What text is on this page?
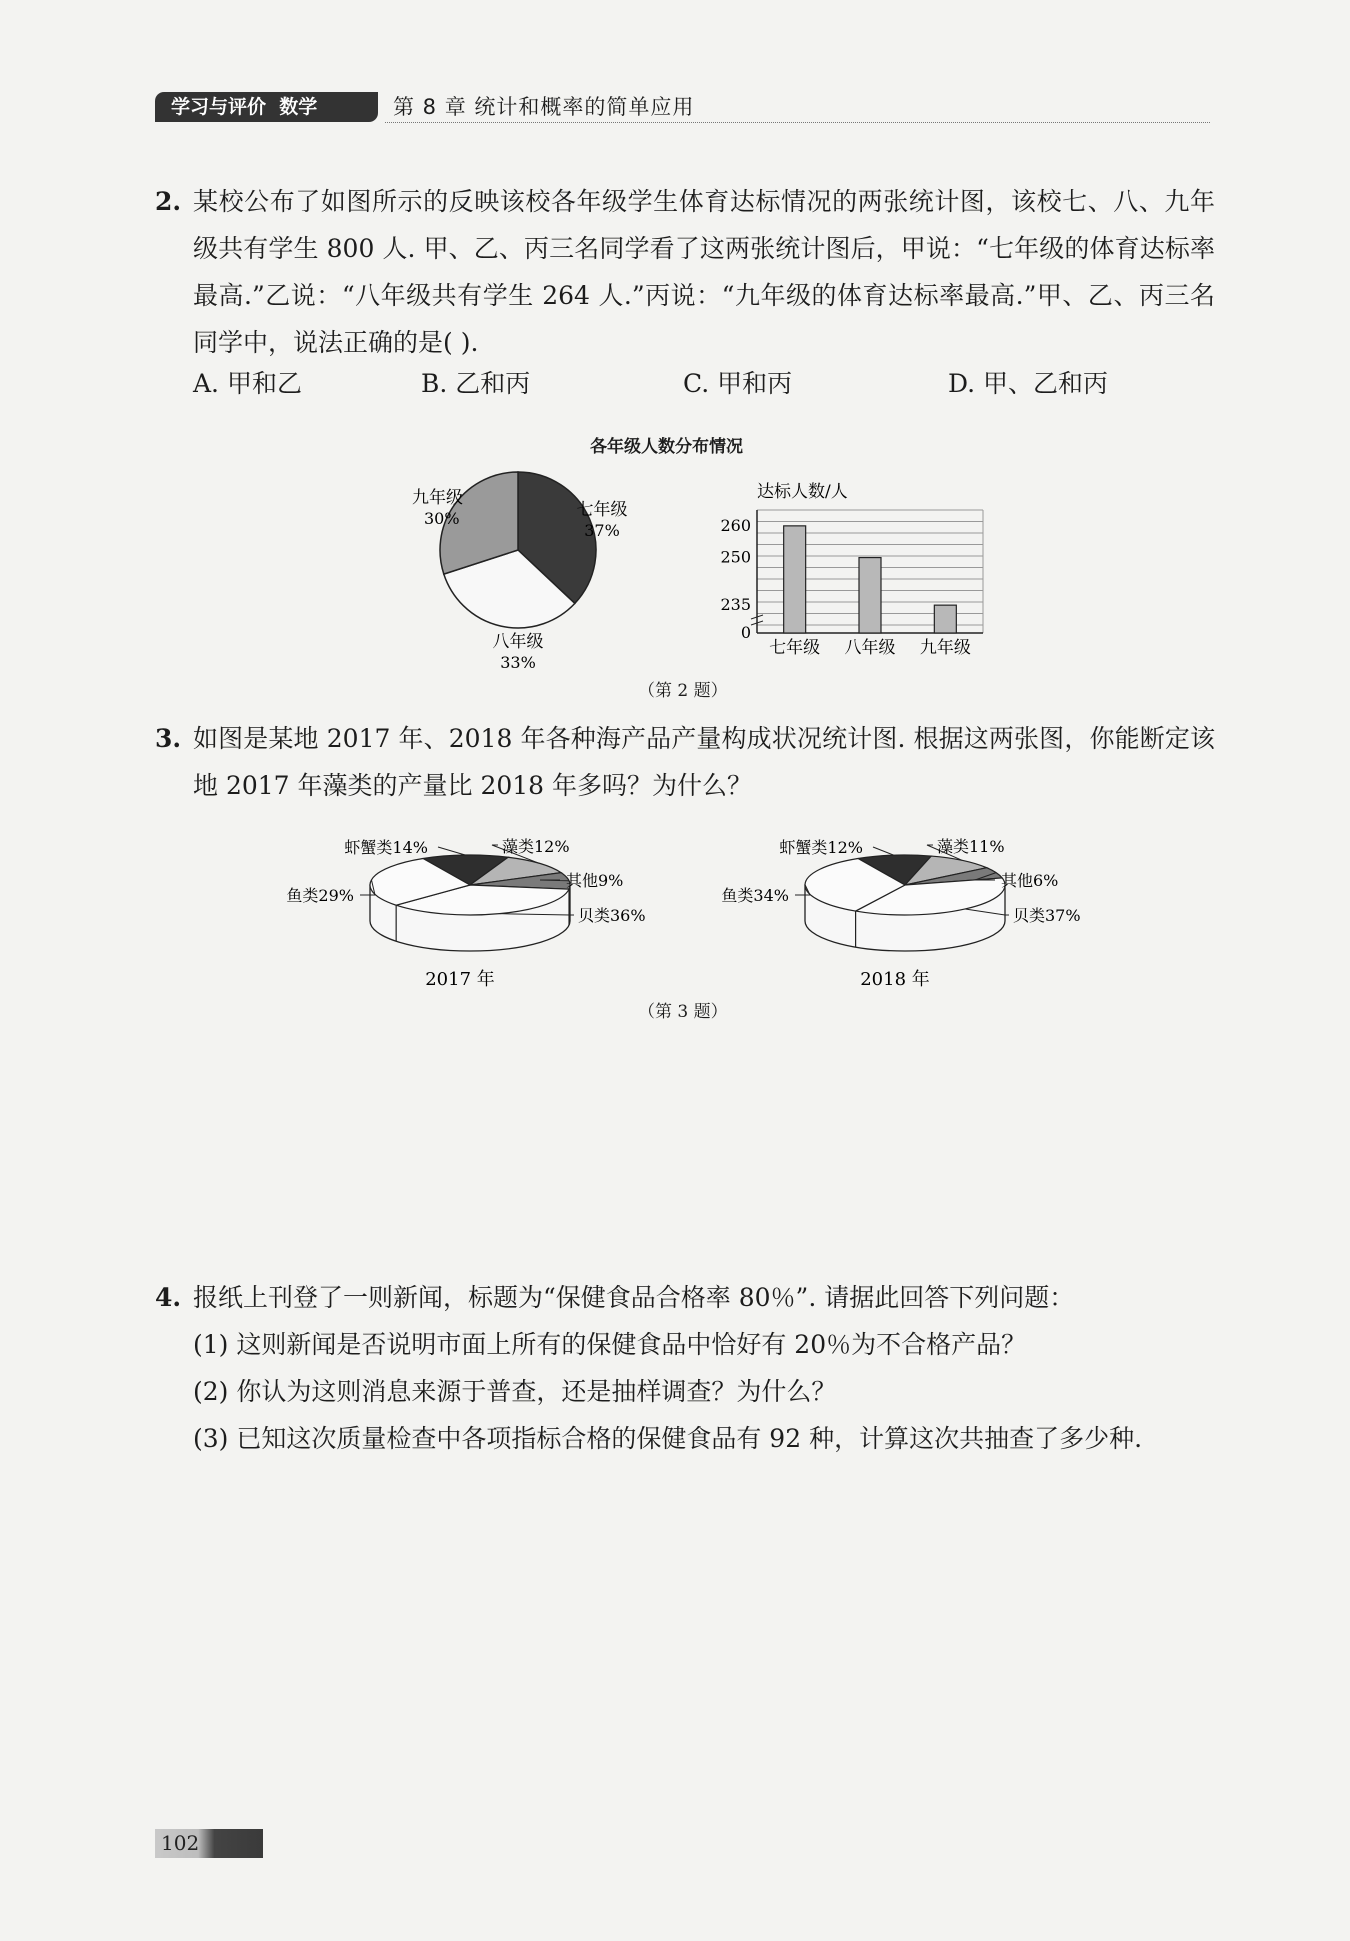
学习与评价  数学	第 8 章 统计和概率的简单应用
2. 某校公布了如图所示的反映该校各年级学生体育达标情况的两张统计图，该校七、八、九年级共有学生 800 人. 甲、乙、丙三名同学看了这两张统计图后，甲说：“七年级的体育达标率最高.”乙说：“八年级共有学生 264 人.”丙说：“九年级的体育达标率最高.”甲、乙、丙三名同学中，说法正确的是( ).
A. 甲和乙	B. 乙和丙	C. 甲和丙	D. 甲、乙和丙
各年级人数分布情况
九年级
30%	七年级
37%
八年级
33%
达标人数/人
0
235
250
260
七年级 八年级 九年级
（第 2 题）
3. 如图是某地 2017 年、2018 年各种海产品产量构成状况统计图. 根据这两张图，你能断定该地 2017 年藻类的产量比 2018 年多吗？为什么？
虾蟹类14%	藻类12%
其他9%
贝类36%
鱼类29%
2017 年
虾蟹类12%	藻类11%
其他6%
贝类37%
鱼类34%
2018 年
（第 3 题）
4. 报纸上刊登了一则新闻，标题为“保健食品合格率 80％”. 请据此回答下列问题：
(1) 这则新闻是否说明市面上所有的保健食品中恰好有 20％为不合格产品？
(2) 你认为这则消息来源于普查，还是抽样调查？为什么？
(3) 已知这次质量检查中各项指标合格的保健食品有 92 种，计算这次共抽查了多少种.
102
